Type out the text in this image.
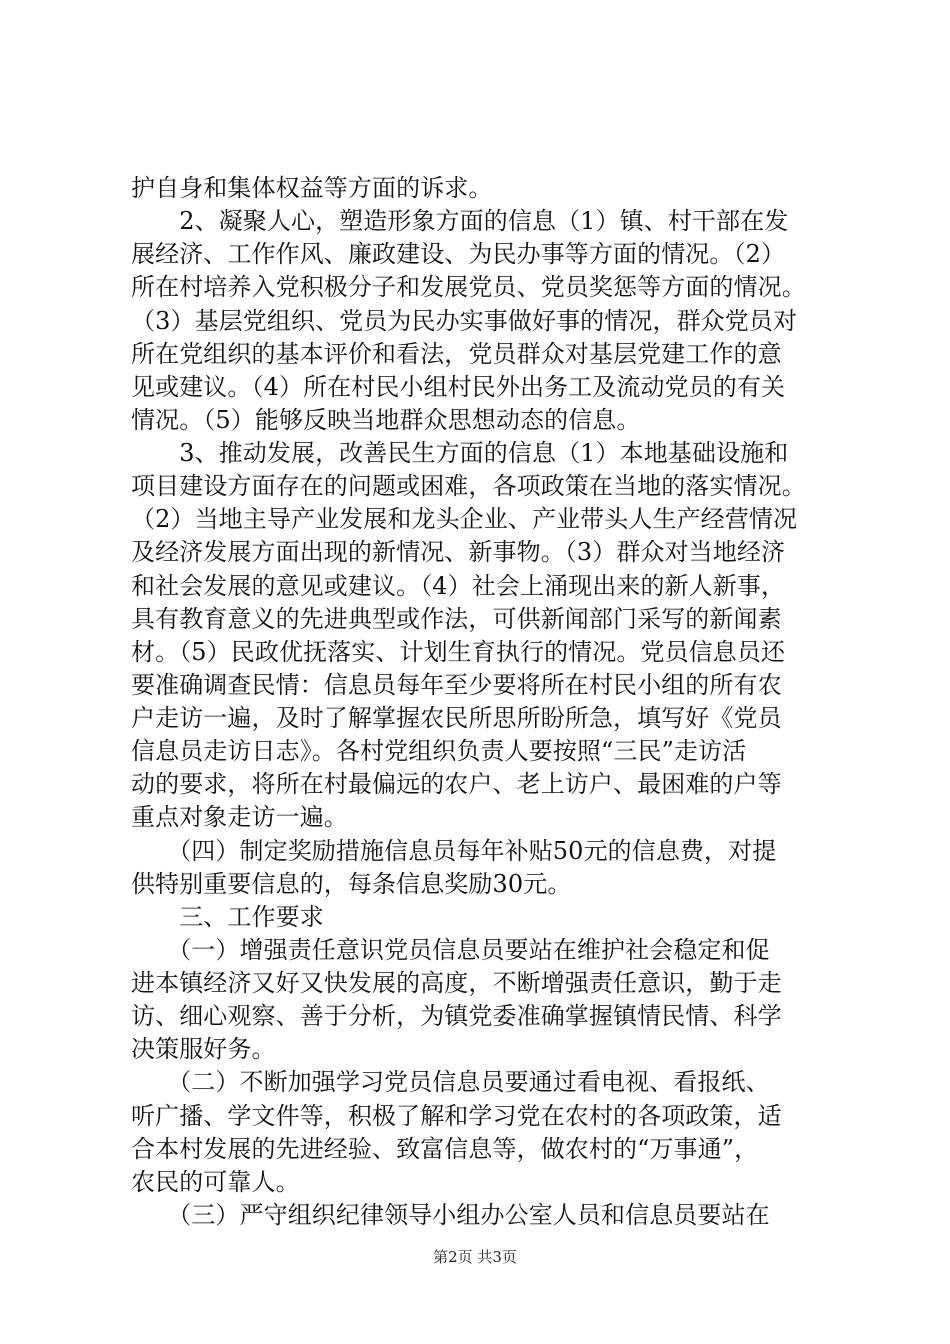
护自身和集体权益等方面的诉求。
　　2、凝聚人心，塑造形象方面的信息（1）镇、村干部在发
展经济、工作作风、廉政建设、为民办事等方面的情况。（2）
所在村培养入党积极分子和发展党员、党员奖惩等方面的情况。
（3）基层党组织、党员为民办实事做好事的情况，群众党员对
所在党组织的基本评价和看法，党员群众对基层党建工作的意
见或建议。（4）所在村民小组村民外出务工及流动党员的有关
情况。（5）能够反映当地群众思想动态的信息。
　　3、推动发展，改善民生方面的信息（1）本地基础设施和
项目建设方面存在的问题或困难，各项政策在当地的落实情况。
（2）当地主导产业发展和龙头企业、产业带头人生产经营情况
及经济发展方面出现的新情况、新事物。（3）群众对当地经济
和社会发展的意见或建议。（4）社会上涌现出来的新人新事，
具有教育意义的先进典型或作法，可供新闻部门采写的新闻素
材。（5）民政优抚落实、计划生育执行的情况。党员信息员还
要准确调查民情：信息员每年至少要将所在村民小组的所有农
户走访一遍，及时了解掌握农民所思所盼所急，填写好《党员
信息员走访日志》。各村党组织负责人要按照“三民”走访活
动的要求，将所在村最偏远的农户、老上访户、最困难的户等
重点对象走访一遍。
　　（四）制定奖励措施信息员每年补贴50元的信息费，对提
供特别重要信息的，每条信息奖励30元。
　　三、工作要求
　　（一）增强责任意识党员信息员要站在维护社会稳定和促
进本镇经济又好又快发展的高度，不断增强责任意识，勤于走
访、细心观察、善于分析，为镇党委准确掌握镇情民情、科学
决策服好务。
　　（二）不断加强学习党员信息员要通过看电视、看报纸、
听广播、学文件等，积极了解和学习党在农村的各项政策，适
合本村发展的先进经验、致富信息等，做农村的“万事通”，
农民的可靠人。
　　（三）严守组织纪律领导小组办公室人员和信息员要站在
第2页 共3页
